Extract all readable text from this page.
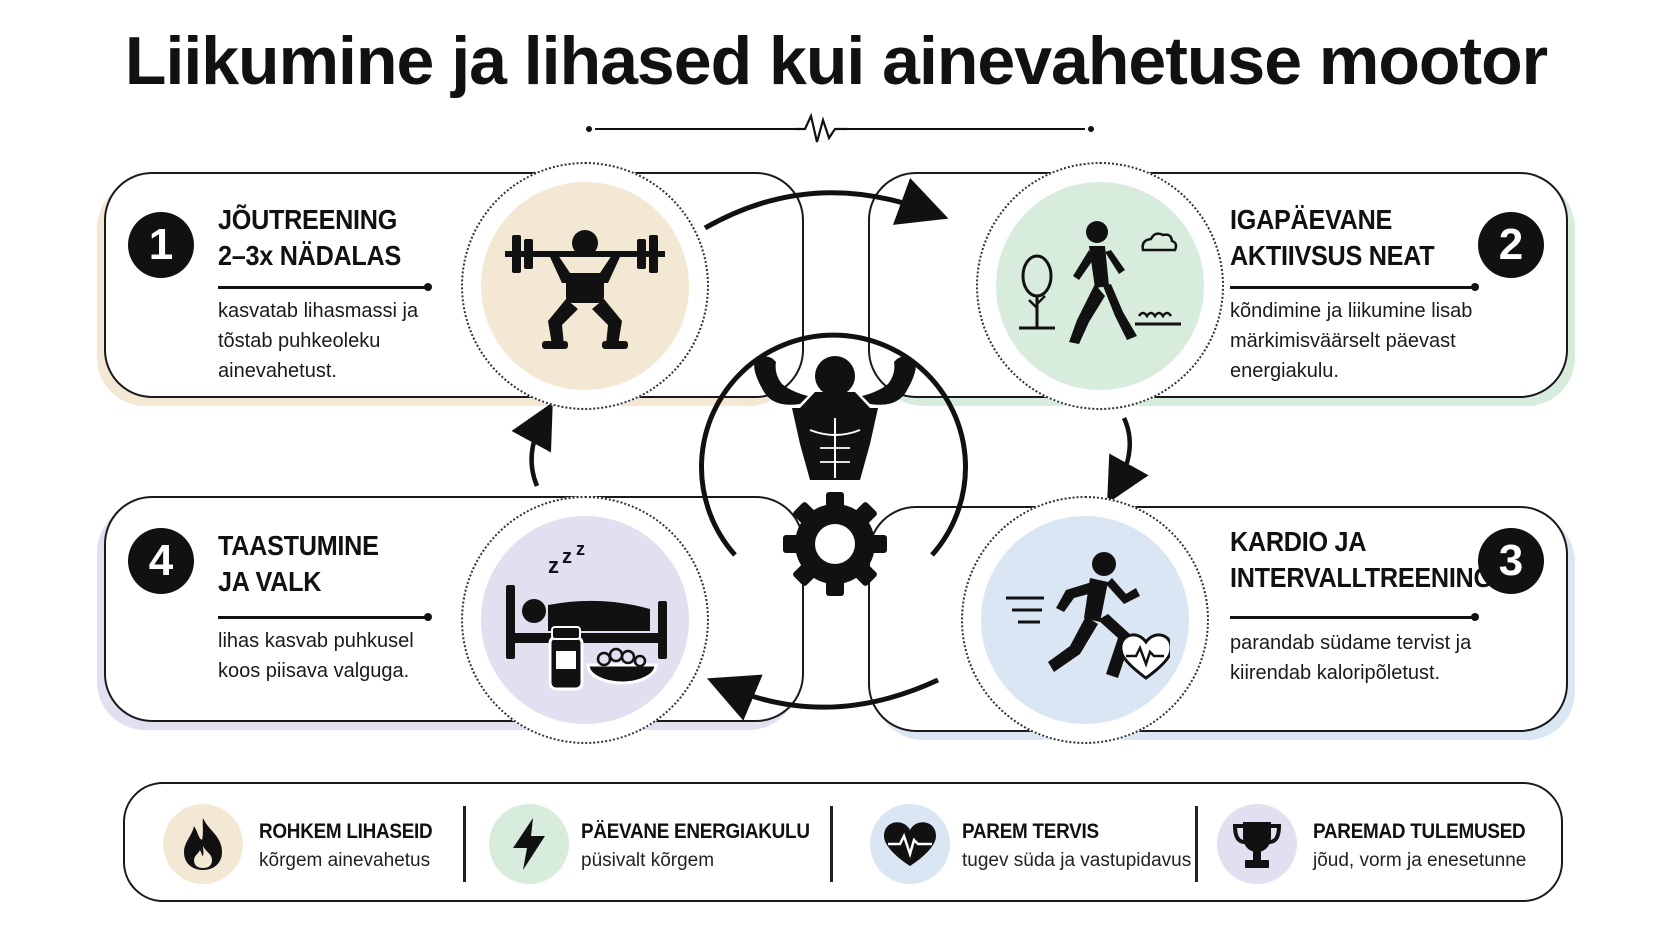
Liikumine ja lihased kui ainevahetuse mootor
1
JÕUTREENING
2–3x NÄDALAS
kasvatab lihasmassi ja
tõstab puhkeoleku
ainevahetust.
2
IGAPÄEVANE
AKTIIVSUS NEAT
kõndimine ja liikumine lisab
märkimisväärselt päevast
energiakulu.
3
KARDIO JA
INTERVALLTREENING
parandab südame tervist ja
kiirendab kaloripõletust.
4	TAASTUMINE
JA VALK
lihas kasvab puhkusel
koos piisava valguga.
z z z
ROHKEM LIHASEID
kõrgem ainevahetus
PÄEVANE ENERGIAKULU
püsivalt kõrgem
PAREM TERVIS
tugev süda ja vastupidavus
PAREMAD TULEMUSED
jõud, vorm ja enesetunne
